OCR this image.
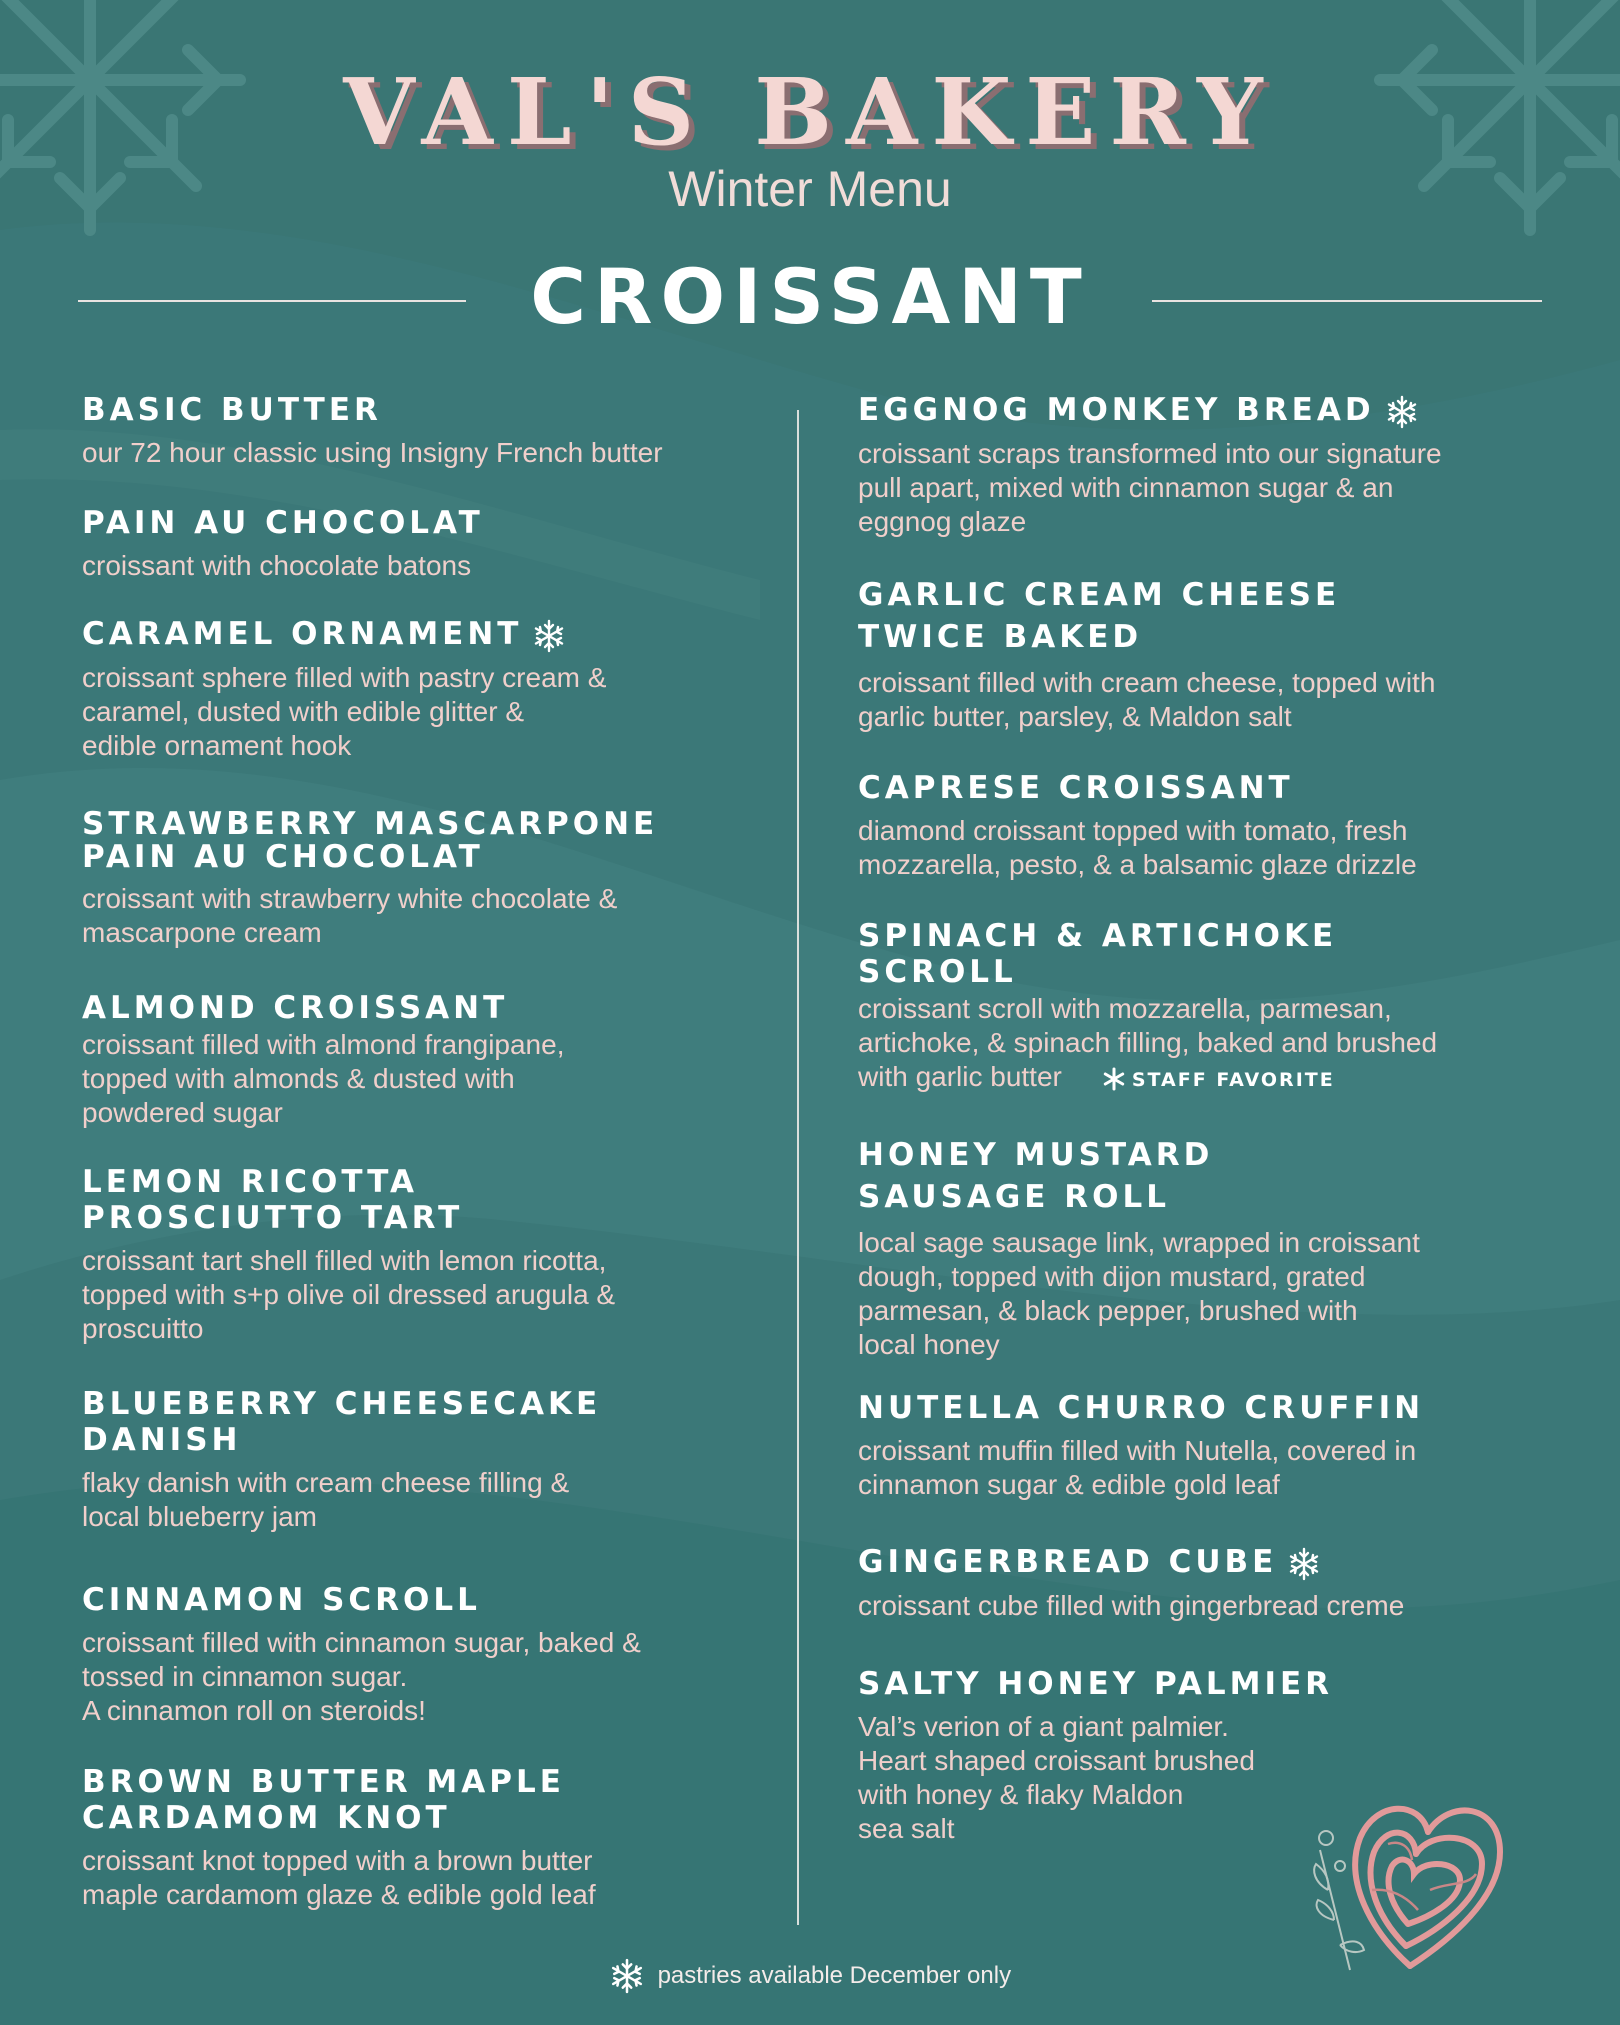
VAL'S BAKERY
Winter Menu
CROISSANT
BASIC BUTTER
our 72 hour classic using Insigny French butter
PAIN AU CHOCOLAT
croissant with chocolate batons
CARAMEL ORNAMENT
croissant sphere filled with pastry cream &
caramel, dusted with edible glitter &
edible ornament hook
STRAWBERRY MASCARPONE
PAIN AU CHOCOLAT
croissant with strawberry white chocolate &
mascarpone cream
ALMOND CROISSANT
croissant filled with almond frangipane,
topped with almonds & dusted with
powdered sugar
LEMON RICOTTA
PROSCIUTTO TART
croissant tart shell filled with lemon ricotta,
topped with s+p olive oil dressed arugula &
proscuitto
BLUEBERRY CHEESECAKE
DANISH
flaky danish with cream cheese filling &
local blueberry jam
CINNAMON SCROLL
croissant filled with cinnamon sugar, baked &
tossed in cinnamon sugar.
A cinnamon roll on steroids!
BROWN BUTTER MAPLE
CARDAMOM KNOT
croissant knot topped with a brown butter
maple cardamom glaze & edible gold leaf
EGGNOG MONKEY BREAD
croissant scraps transformed into our signature
pull apart, mixed with cinnamon sugar & an
eggnog glaze
GARLIC CREAM CHEESE
TWICE BAKED
croissant filled with cream cheese, topped with
garlic butter, parsley, & Maldon salt
CAPRESE CROISSANT
diamond croissant topped with tomato, fresh
mozzarella, pesto, & a balsamic glaze drizzle
SPINACH & ARTICHOKE
SCROLL
croissant scroll with mozzarella, parmesan,
artichoke, & spinach filling, baked and brushed
with garlic butter	STAFF FAVORITE
HONEY MUSTARD
SAUSAGE ROLL
local sage sausage link, wrapped in croissant
dough, topped with dijon mustard, grated
parmesan, & black pepper, brushed with
local honey
NUTELLA CHURRO CRUFFIN
croissant muffin filled with Nutella, covered in
cinnamon sugar & edible gold leaf
GINGERBREAD CUBE
croissant cube filled with gingerbread creme
SALTY HONEY PALMIER
Val’s verion of a giant palmier.
Heart shaped croissant brushed
with honey & flaky Maldon
sea salt
pastries available December only
